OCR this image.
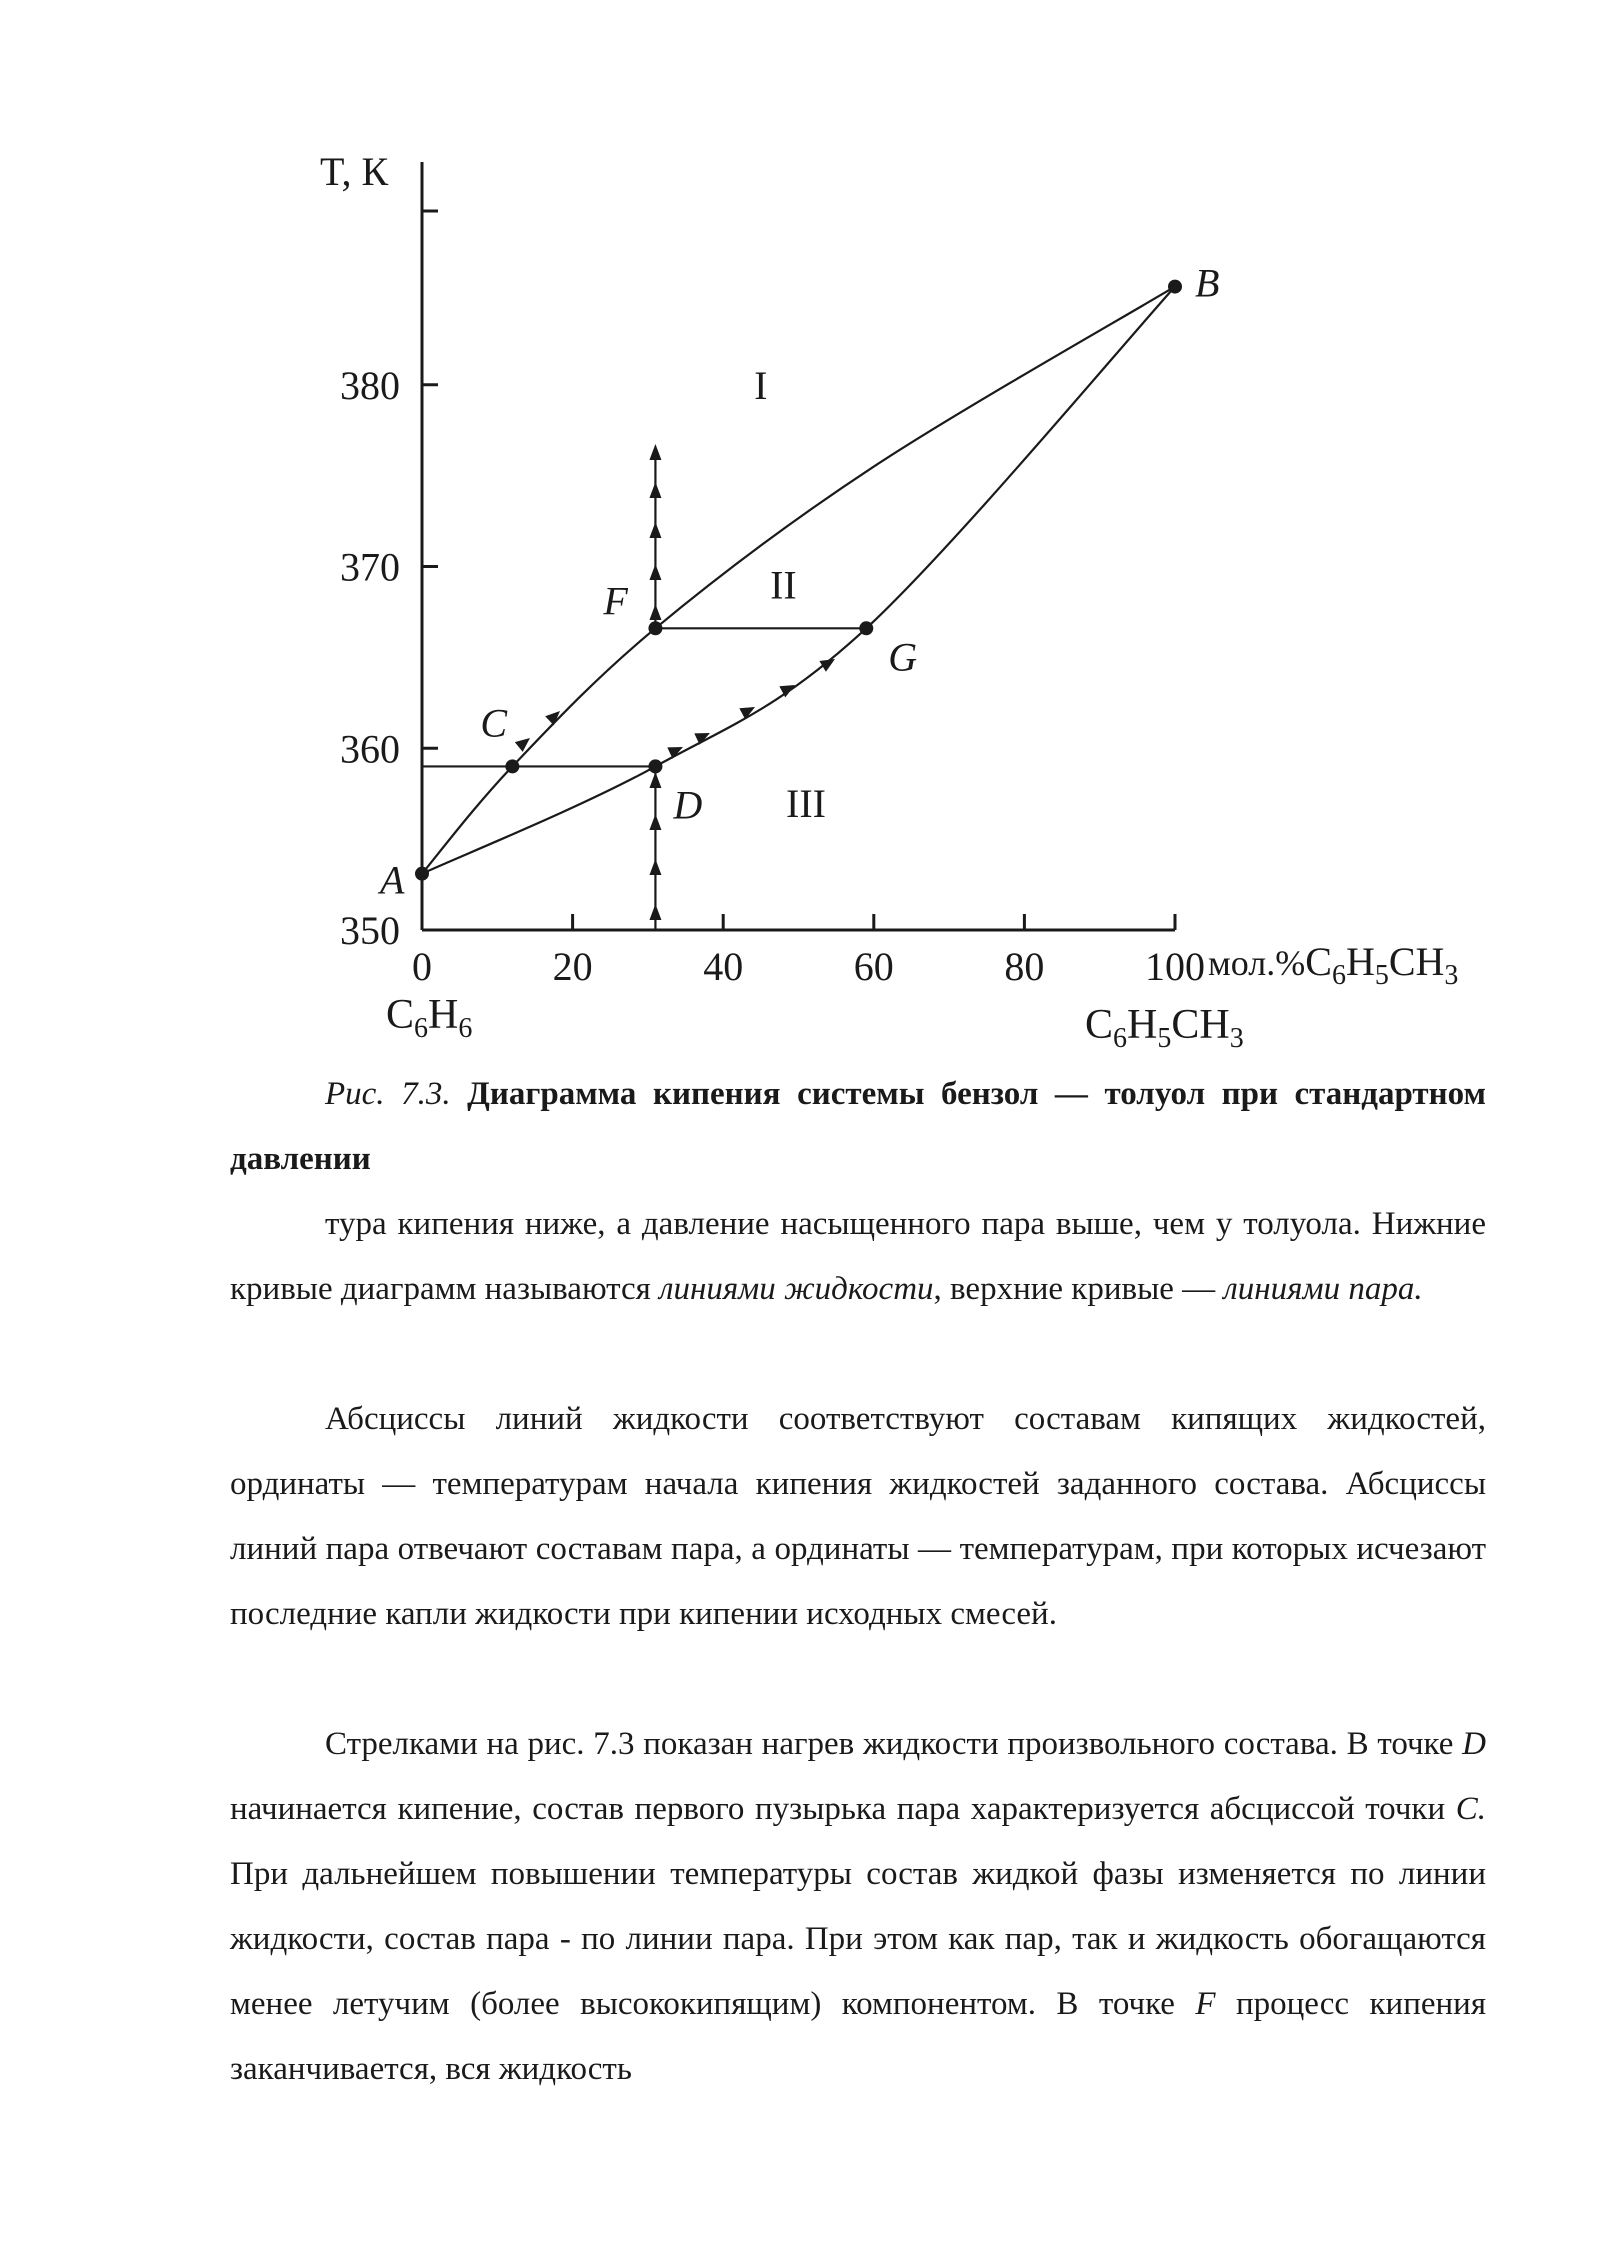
0	20	40	60	80	100
350
360
370
380
A
B
C
D
F
G
I
II
III
T, К
$мол.\%C_6H_5CH_3$
$C_6H_6$	$C_6H_5CH_3$
Рис. 7.3. Диаграмма кипения системы бензол — толуол при стандартном давлении

тура кипения ниже, а давление насыщенного пара выше, чем у толуола. Нижние кривые диаграмм называются линиями жидкости, верхние кривые — линиями пара.

Абсциссы линий жидкости соответствуют составам кипящих жидкостей, ординаты — температурам начала кипения жидкостей заданного состава. Абсциссы линий пара отвечают составам пара, а ординаты — температурам, при которых исчезают последние капли жидкости при кипении исходных смесей.

Стрелками на рис. 7.3 показан нагрев жидкости произвольного состава. В точке D начинается кипение, состав первого пузырька пара характеризуется абсциссой точки C. При дальнейшем повышении температуры состав жидкой фазы изменяется по линии жидкости, состав пара - по линии пара. При этом как пар, так и жидкость обогащаются менее летучим (более высококипящим) компонентом. В точке F процесс кипения заканчивается, вся жидкость
